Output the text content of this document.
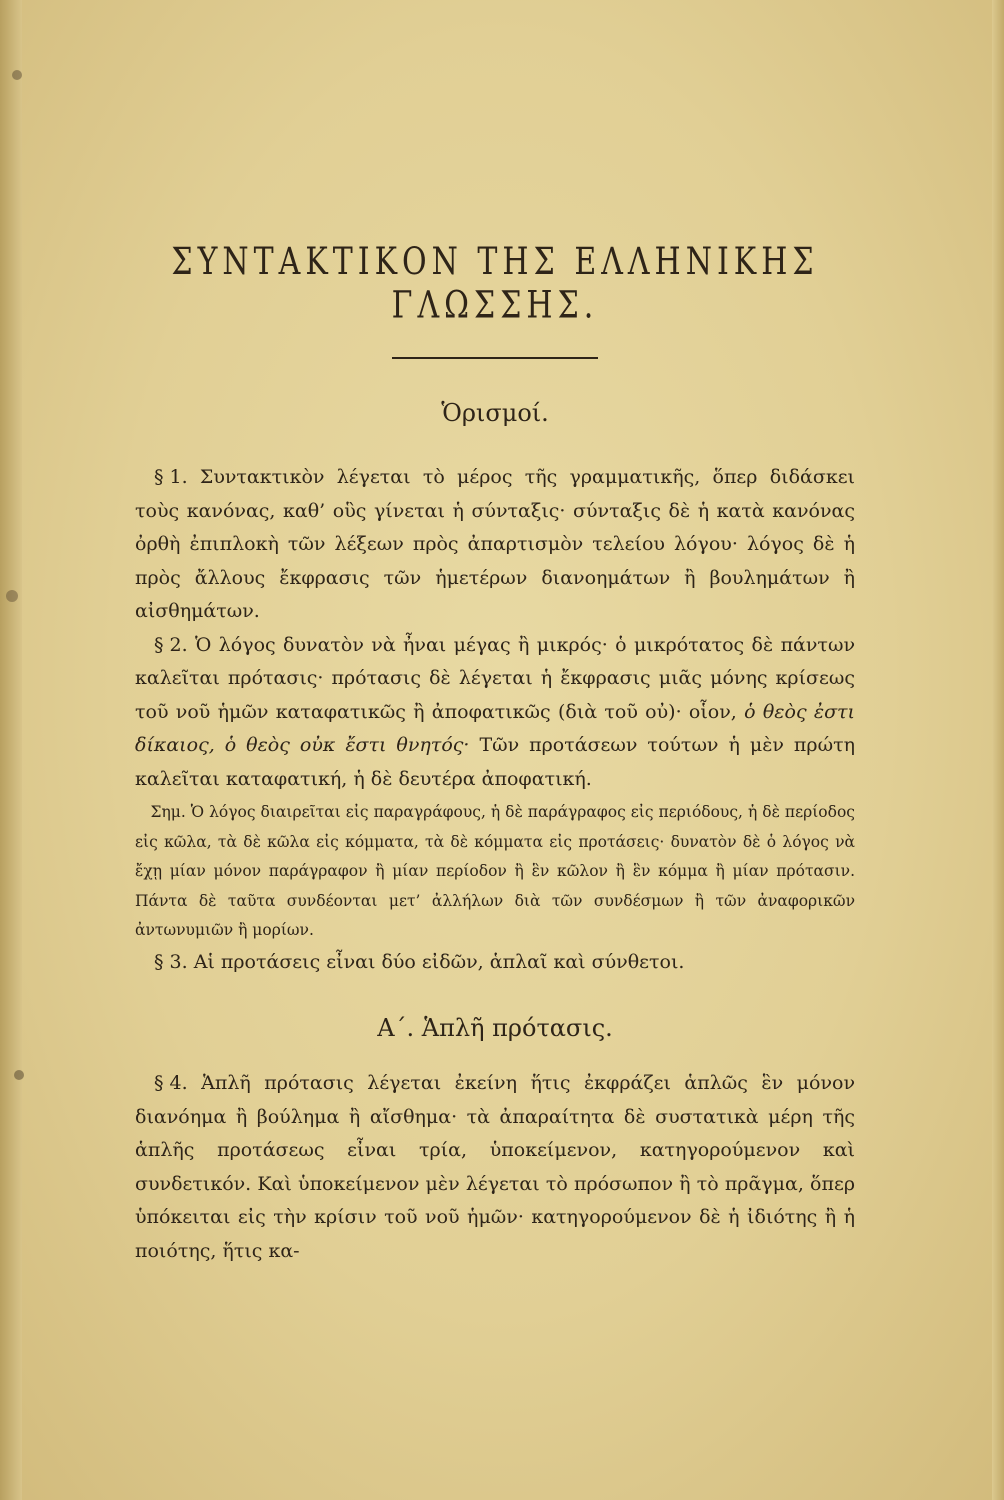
ΣΥΝΤΑΚΤΙΚΟΝ ΤΗΣ ΕΛΛΗΝΙΚΗΣ ΓΛΩΣΣΗΣ.
Ὁρισμοί.

 § 1. Συντακτικὸν λέγεται τὸ μέρος τῆς γραμματικῆς, ὅπερ διδάσκει τοὺς κανόνας, καθ’ οὓς γίνεται ἡ σύνταξις· σύνταξις δὲ ἡ κατὰ κανόνας ὀρθὴ ἐπιπλοκὴ τῶν λέξεων πρὸς ἀπαρτισμὸν τελείου λόγου· λόγος δὲ ἡ πρὸς ἄλλους ἔκφρασις τῶν ἡμετέρων διανοημάτων ἢ βουλημάτων ἢ αἰσθημάτων.

 § 2. Ὁ λόγος δυνατὸν νὰ ἦναι μέγας ἢ μικρός· ὁ μικρότατος δὲ πάντων καλεῖται πρότασις· πρότασις δὲ λέγεται ἡ ἔκφρασις μιᾶς μόνης κρίσεως τοῦ νοῦ ἡμῶν καταφατικῶς ἢ ἀποφατικῶς (διὰ τοῦ οὐ)· οἷον, ὁ θεὸς ἐστι δίκαιος, ὁ θεὸς οὐκ ἔστι θνητός· Τῶν προτάσεων τούτων ἡ μὲν πρώτη καλεῖται καταφατική, ἡ δὲ δευτέρα ἀποφατική.

 Σημ. Ὁ λόγος διαιρεῖται εἰς παραγράφους, ἡ δὲ παράγραφος εἰς περιόδους, ἡ δὲ περίοδος εἰς κῶλα, τὰ δὲ κῶλα εἰς κόμματα, τὰ δὲ κόμματα εἰς προτάσεις· δυνατὸν δὲ ὁ λόγος νὰ ἔχῃ μίαν μόνον παράγραφον ἢ μίαν περίοδον ἢ ἓν κῶλον ἢ ἓν κόμμα ἢ μίαν πρότασιν. Πάντα δὲ ταῦτα συνδέονται μετ’ ἀλλήλων διὰ τῶν συνδέσμων ἢ τῶν ἀναφορικῶν ἀντωνυμιῶν ἢ μορίων.

 § 3. Αἱ προτάσεις εἶναι δύο εἰδῶν, ἁπλαῖ καὶ σύνθετοι.

Α΄. Ἁπλῆ πρότασις.

 § 4. Ἁπλῆ πρότασις λέγεται ἐκείνη ἥτις ἐκφράζει ἁπλῶς ἓν μόνον διανόημα ἢ βούλημα ἢ αἴσθημα· τὰ ἀπαραίτητα δὲ συστατικὰ μέρη τῆς ἁπλῆς προτάσεως εἶναι τρία, ὑποκείμενον, κατηγορούμενον καὶ συνδετικόν. Καὶ ὑποκείμενον μὲν λέγεται τὸ πρόσωπον ἢ τὸ πρᾶγμα, ὅπερ ὑπόκειται εἰς τὴν κρίσιν τοῦ νοῦ ἡμῶν· κατηγορούμενον δὲ ἡ ἰδιότης ἢ ἡ ποιότης, ἥτις κα-
